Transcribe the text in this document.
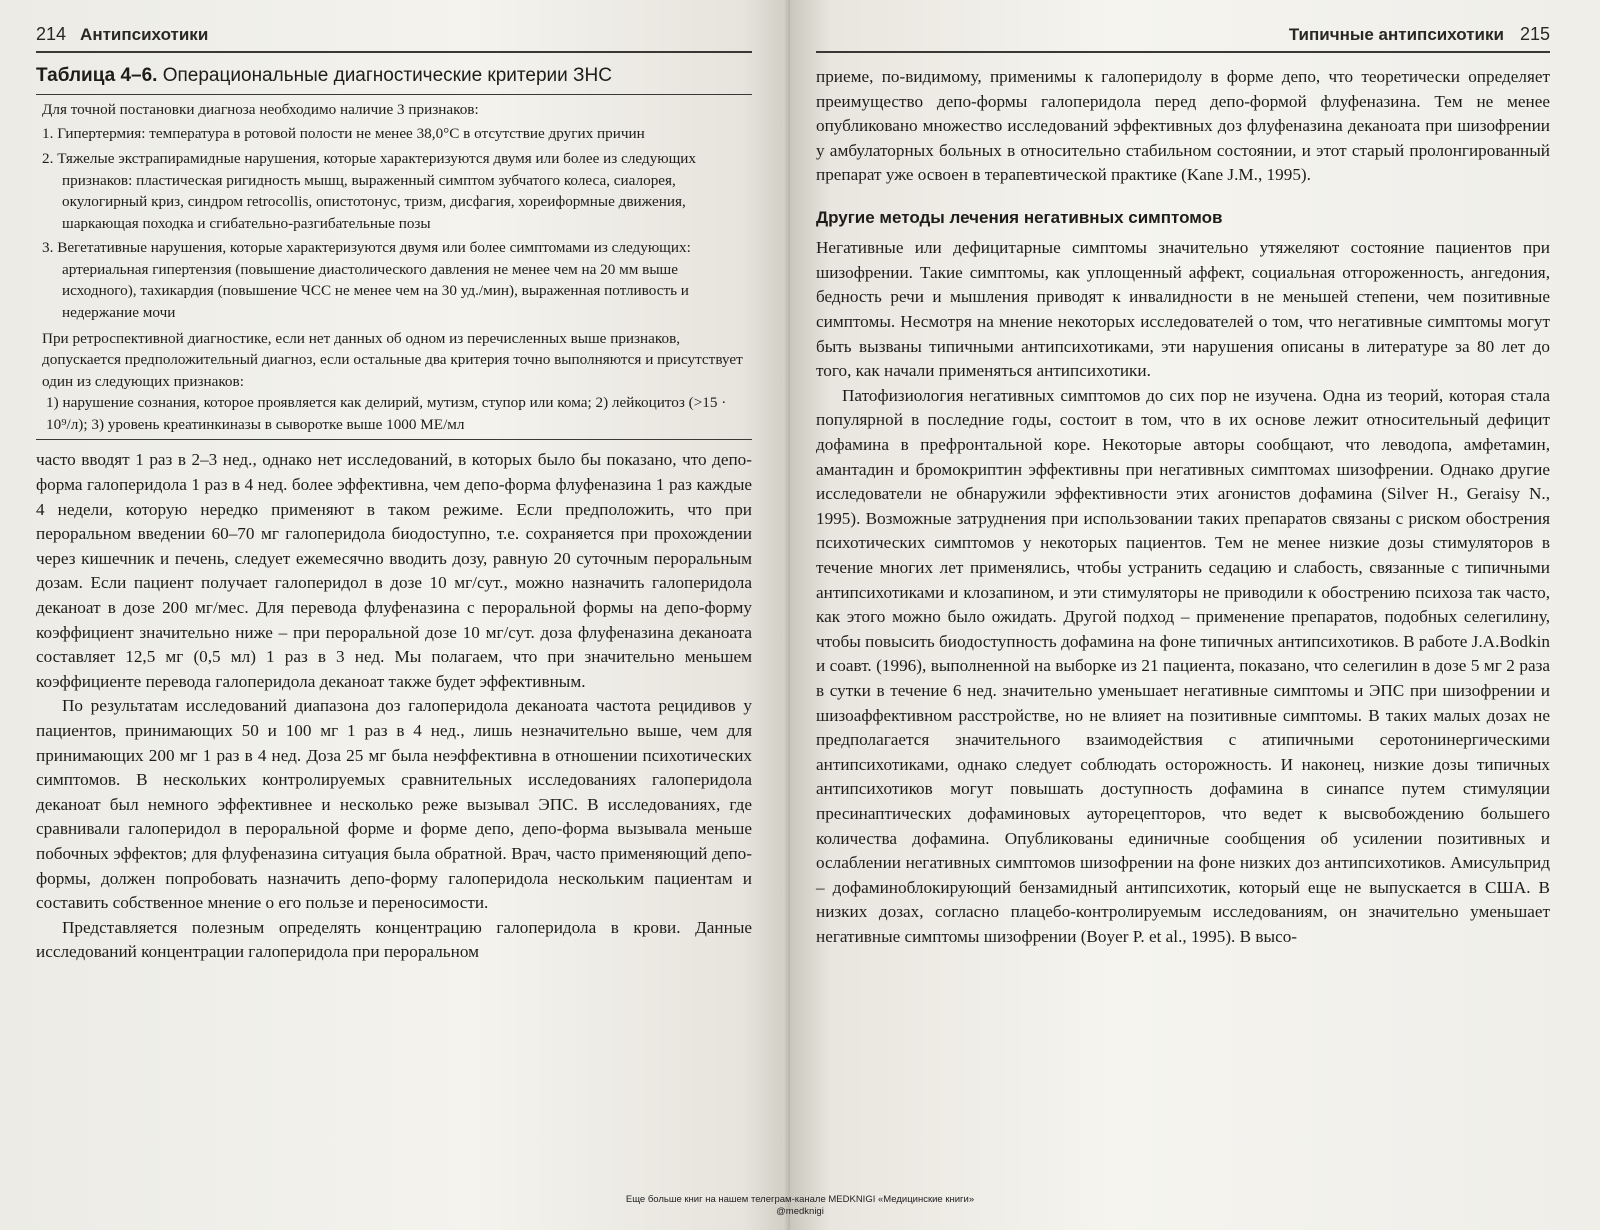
214 Антипсихотики
Таблица 4–6. Операциональные диагностические критерии ЗНС

Для точной постановки диагноза необходимо наличие 3 признаков:

1. Гипертермия: температура в ротовой полости не менее 38,0°С в отсутствие других причин

2. Тяжелые экстрапирамидные нарушения, которые характеризуются двумя или более из следующих признаков: пластическая ригидность мышц, выраженный симптом зубчатого колеса, сиалорея, окулогирный криз, синдром retrocollis, опистотонус, тризм, дисфагия, хореиформные движения, шаркающая походка и сгибательно-разгибательные позы

3. Вегетативные нарушения, которые характеризуются двумя или более симптомами из следующих: артериальная гипертензия (повышение диастолического давления не менее чем на 20 мм выше исходного), тахикардия (повышение ЧСС не менее чем на 30 уд./мин), выраженная потливость и недержание мочи

При ретроспективной диагностике, если нет данных об одном из перечисленных выше признаков, допускается предположительный диагноз, если остальные два критерия точно выполняются и присутствует один из следующих признаков:

1) нарушение сознания, которое проявляется как делирий, мутизм, ступор или кома; 2) лейкоцитоз (>15 · 10⁹/л); 3) уровень креатинкиназы в сыворотке выше 1000 МЕ/мл

часто вводят 1 раз в 2–3 нед., однако нет исследований, в которых было бы показано, что депо-форма галоперидола 1 раз в 4 нед. более эффективна, чем депо-форма флуфеназина 1 раз каждые 4 недели, которую нередко применяют в таком режиме. Если предположить, что при пероральном введении 60–70 мг галоперидола биодоступно, т.е. сохраняется при прохождении через кишечник и печень, следует ежемесячно вводить дозу, равную 20 суточным пероральным дозам. Если пациент получает галоперидол в дозе 10 мг/сут., можно назначить галоперидола деканоат в дозе 200 мг/мес. Для перевода флуфеназина с пероральной формы на депо-форму коэффициент значительно ниже – при пероральной дозе 10 мг/сут. доза флуфеназина деканоата составляет 12,5 мг (0,5 мл) 1 раз в 3 нед. Мы полагаем, что при значительно меньшем коэффициенте перевода галоперидола деканоат также будет эффективным.

По результатам исследований диапазона доз галоперидола деканоата частота рецидивов у пациентов, принимающих 50 и 100 мг 1 раз в 4 нед., лишь незначительно выше, чем для принимающих 200 мг 1 раз в 4 нед. Доза 25 мг была неэффективна в отношении психотических симптомов. В нескольких контролируемых сравнительных исследованиях галоперидола деканоат был немного эффективнее и несколько реже вызывал ЭПС. В исследованиях, где сравнивали галоперидол в пероральной форме и форме депо, депо-форма вызывала меньше побочных эффектов; для флуфеназина ситуация была обратной. Врач, часто применяющий депо-формы, должен попробовать назначить депо-форму галоперидола нескольким пациентам и составить собственное мнение о его пользе и переносимости.

Представляется полезным определять концентрацию галоперидола в крови. Данные исследований концентрации галоперидола при пероральном

Типичные антипсихотики 215

приеме, по-видимому, применимы к галоперидолу в форме депо, что теоретически определяет преимущество депо-формы галоперидола перед депо-формой флуфеназина. Тем не менее опубликовано множество исследований эффективных доз флуфеназина деканоата при шизофрении у амбулаторных больных в относительно стабильном состоянии, и этот старый пролонгированный препарат уже освоен в терапевтической практике (Kane J.M., 1995).

Другие методы лечения негативных симптомов

Негативные или дефицитарные симптомы значительно утяжеляют состояние пациентов при шизофрении. Такие симптомы, как уплощенный аффект, социальная отгороженность, ангедония, бедность речи и мышления приводят к инвалидности в не меньшей степени, чем позитивные симптомы. Несмотря на мнение некоторых исследователей о том, что негативные симптомы могут быть вызваны типичными антипсихотиками, эти нарушения описаны в литературе за 80 лет до того, как начали применяться антипсихотики.

Патофизиология негативных симптомов до сих пор не изучена. Одна из теорий, которая стала популярной в последние годы, состоит в том, что в их основе лежит относительный дефицит дофамина в префронтальной коре. Некоторые авторы сообщают, что леводопа, амфетамин, амантадин и бромокриптин эффективны при негативных симптомах шизофрении. Однако другие исследователи не обнаружили эффективности этих агонистов дофамина (Silver H., Geraisy N., 1995). Возможные затруднения при использовании таких препаратов связаны с риском обострения психотических симптомов у некоторых пациентов. Тем не менее низкие дозы стимуляторов в течение многих лет применялись, чтобы устранить седацию и слабость, связанные с типичными антипсихотиками и клозапином, и эти стимуляторы не приводили к обострению психоза так часто, как этого можно было ожидать. Другой подход – применение препаратов, подобных селегилину, чтобы повысить биодоступность дофамина на фоне типичных антипсихотиков. В работе J.A.Bodkin и соавт. (1996), выполненной на выборке из 21 пациента, показано, что селегилин в дозе 5 мг 2 раза в сутки в течение 6 нед. значительно уменьшает негативные симптомы и ЭПС при шизофрении и шизоаффективном расстройстве, но не влияет на позитивные симптомы. В таких малых дозах не предполагается значительного взаимодействия с атипичными серотонинергическими антипсихотиками, однако следует соблюдать осторожность. И наконец, низкие дозы типичных антипсихотиков могут повышать доступность дофамина в синапсе путем стимуляции пресинаптических дофаминовых ауторецепторов, что ведет к высвобождению большего количества дофамина. Опубликованы единичные сообщения об усилении позитивных и ослаблении негативных симптомов шизофрении на фоне низких доз антипсихотиков. Амисульприд – дофаминоблокирующий бензамидный антипсихотик, который еще не выпускается в США. В низких дозах, согласно плацебо-контролируемым исследованиям, он значительно уменьшает негативные симптомы шизофрении (Boyer P. et al., 1995). В высо-

Еще больше книг на нашем телеграм-канале MEDKNIGI «Медицинские книги»
@medknigi
